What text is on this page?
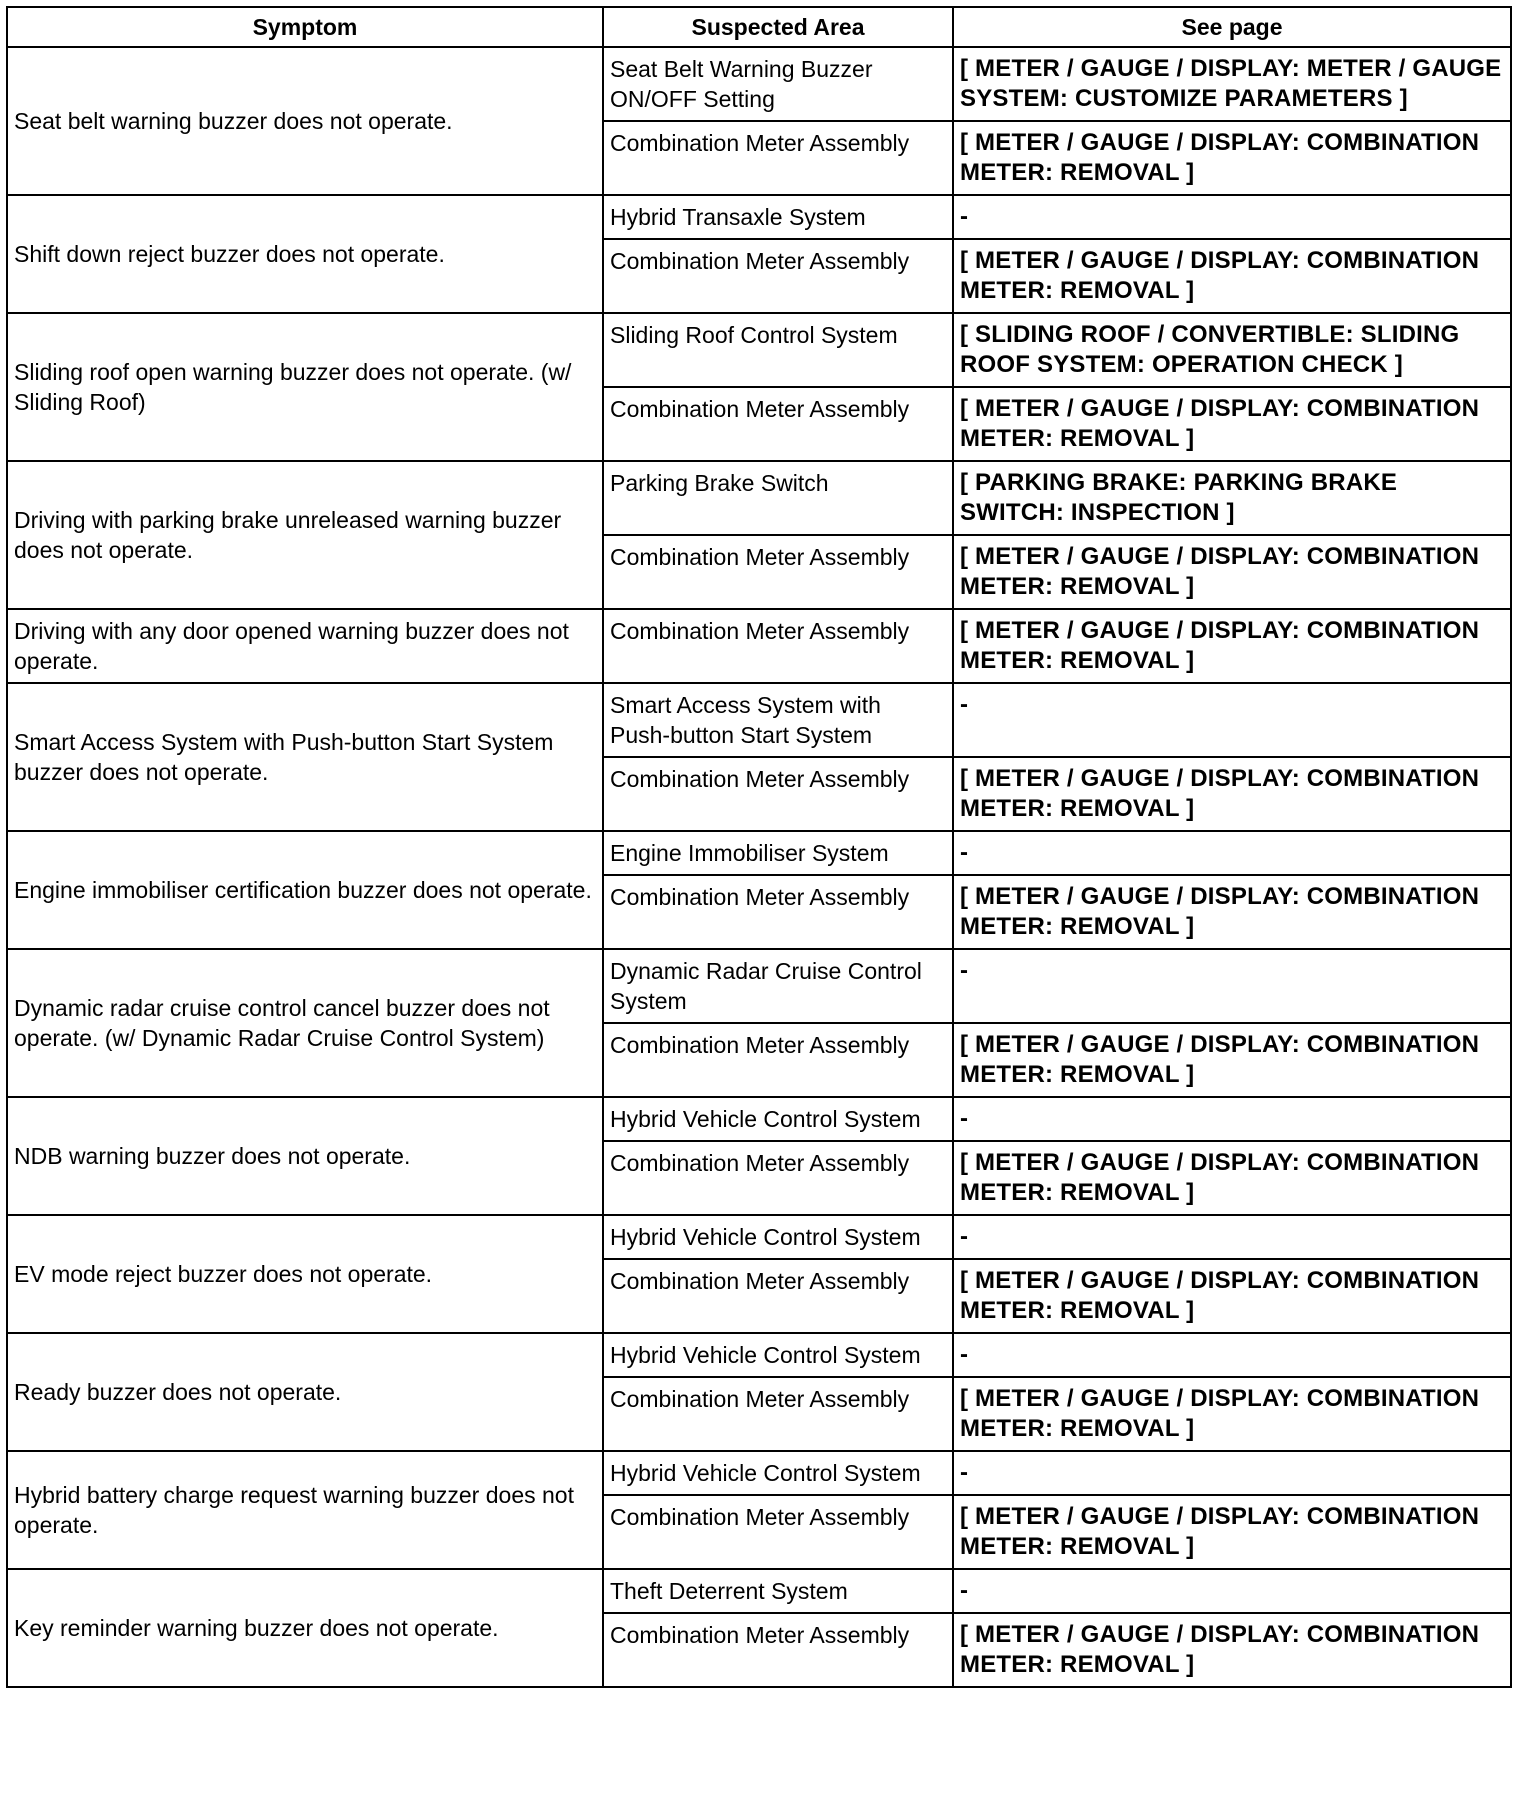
Symptom	Suspected Area	See page
Seat belt warning buzzer does not operate.	Seat Belt Warning Buzzer ON/OFF Setting	[ METER / GAUGE / DISPLAY: METER / GAUGE SYSTEM: CUSTOMIZE PARAMETERS ]
	Combination Meter Assembly	[ METER / GAUGE / DISPLAY: COMBINATION METER: REMOVAL ]
Shift down reject buzzer does not operate.	Hybrid Transaxle System	-
	Combination Meter Assembly	[ METER / GAUGE / DISPLAY: COMBINATION METER: REMOVAL ]
Sliding roof open warning buzzer does not operate. (w/ Sliding Roof)	Sliding Roof Control System	[ SLIDING ROOF / CONVERTIBLE: SLIDING ROOF SYSTEM: OPERATION CHECK ]
	Combination Meter Assembly	[ METER / GAUGE / DISPLAY: COMBINATION METER: REMOVAL ]
Driving with parking brake unreleased warning buzzer does not operate.	Parking Brake Switch	[ PARKING BRAKE: PARKING BRAKE SWITCH: INSPECTION ]
	Combination Meter Assembly	[ METER / GAUGE / DISPLAY: COMBINATION METER: REMOVAL ]
Driving with any door opened warning buzzer does not operate.	Combination Meter Assembly	[ METER / GAUGE / DISPLAY: COMBINATION METER: REMOVAL ]
Smart Access System with Push-button Start System buzzer does not operate.	Smart Access System with Push-button Start System	-
	Combination Meter Assembly	[ METER / GAUGE / DISPLAY: COMBINATION METER: REMOVAL ]
Engine immobiliser certification buzzer does not operate.	Engine Immobiliser System	-
	Combination Meter Assembly	[ METER / GAUGE / DISPLAY: COMBINATION METER: REMOVAL ]
Dynamic radar cruise control cancel buzzer does not operate. (w/ Dynamic Radar Cruise Control System)	Dynamic Radar Cruise Control System	-
	Combination Meter Assembly	[ METER / GAUGE / DISPLAY: COMBINATION METER: REMOVAL ]
NDB warning buzzer does not operate.	Hybrid Vehicle Control System	-
	Combination Meter Assembly	[ METER / GAUGE / DISPLAY: COMBINATION METER: REMOVAL ]
EV mode reject buzzer does not operate.	Hybrid Vehicle Control System	-
	Combination Meter Assembly	[ METER / GAUGE / DISPLAY: COMBINATION METER: REMOVAL ]
Ready buzzer does not operate.	Hybrid Vehicle Control System	-
	Combination Meter Assembly	[ METER / GAUGE / DISPLAY: COMBINATION METER: REMOVAL ]
Hybrid battery charge request warning buzzer does not operate.	Hybrid Vehicle Control System	-
	Combination Meter Assembly	[ METER / GAUGE / DISPLAY: COMBINATION METER: REMOVAL ]
Key reminder warning buzzer does not operate.	Theft Deterrent System	-
	Combination Meter Assembly	[ METER / GAUGE / DISPLAY: COMBINATION METER: REMOVAL ]
